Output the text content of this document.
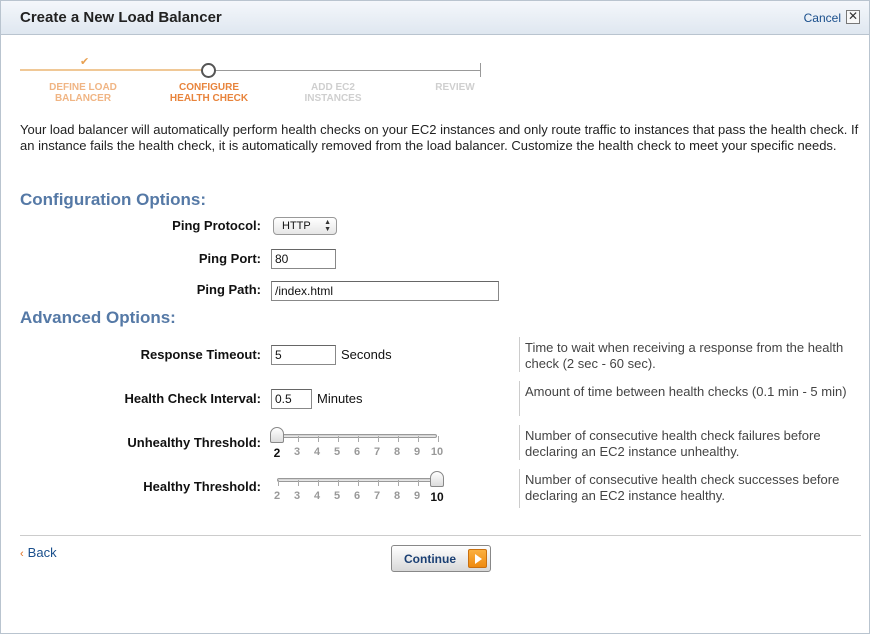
Create a New Load Balancer	Cancel ✕
✔
DEFINE LOAD BALANCER
CONFIGURE HEALTH CHECK
ADD EC2 INSTANCES
REVIEW
Your load balancer will automatically perform health checks on your EC2 instances and only route traffic to instances that pass the health check. If an instance fails the health check, it is automatically removed from the load balancer. Customize the health check to meet your specific needs.
Configuration Options:
Ping Protocol:	HTTP ▲
▼
Ping Port:
80
Ping Path:
/index.html
Advanced Options:
Response Timeout:
5	Seconds	Time to wait when receiving a response from the health check (2 sec - 60 sec).
Health Check Interval:
0.5	Minutes	Amount of time between health checks (0.1 min - 5 min)
Unhealthy Threshold:
2	3	4	5	6	7	8	9 10
Number of consecutive health check failures before declaring an EC2 instance unhealthy.
Healthy Threshold:
2	3	4	5	6	7	8	9 10
Number of consecutive health check successes before declaring an EC2 instance healthy.
‹ Back	Continue
